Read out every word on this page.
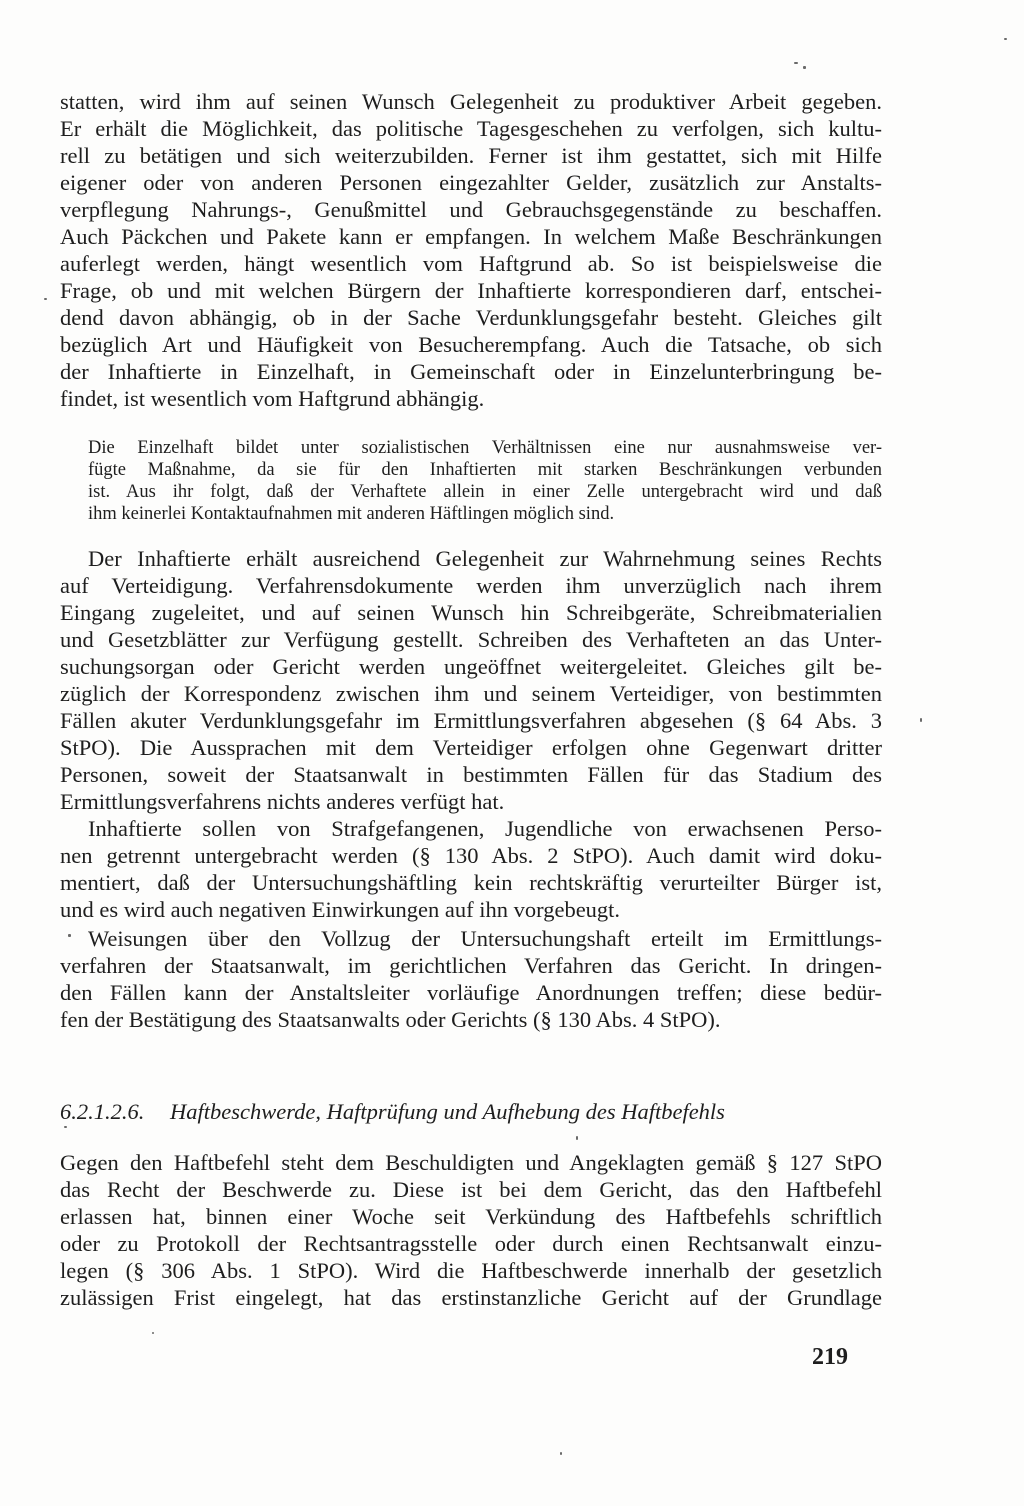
statten, wird ihm auf seinen Wunsch Gelegenheit zu produktiver Arbeit gegeben.
Er erhält die Möglichkeit, das politische Tagesgeschehen zu verfolgen, sich kultu-
rell zu betätigen und sich weiterzubilden. Ferner ist ihm gestattet, sich mit Hilfe
eigener oder von anderen Personen eingezahlter Gelder, zusätzlich zur Anstalts-
verpflegung Nahrungs-, Genußmittel und Gebrauchsgegenstände zu beschaffen.
Auch Päckchen und Pakete kann er empfangen. In welchem Maße Beschränkungen
auferlegt werden, hängt wesentlich vom Haftgrund ab. So ist beispielsweise die
Frage, ob und mit welchen Bürgern der Inhaftierte korrespondieren darf, entschei-
dend davon abhängig, ob in der Sache Verdunklungsgefahr besteht. Gleiches gilt
bezüglich Art und Häufigkeit von Besucherempfang. Auch die Tatsache, ob sich
der Inhaftierte in Einzelhaft, in Gemeinschaft oder in Einzelunterbringung be-
findet, ist wesentlich vom Haftgrund abhängig.
Die Einzelhaft bildet unter sozialistischen Verhältnissen eine nur ausnahmsweise ver-
fügte Maßnahme, da sie für den Inhaftierten mit starken Beschränkungen verbunden
ist. Aus ihr folgt, daß der Verhaftete allein in einer Zelle untergebracht wird und daß
ihm keinerlei Kontaktaufnahmen mit anderen Häftlingen möglich sind.
Der Inhaftierte erhält ausreichend Gelegenheit zur Wahrnehmung seines Rechts
auf Verteidigung. Verfahrensdokumente werden ihm unverzüglich nach ihrem
Eingang zugeleitet, und auf seinen Wunsch hin Schreibgeräte, Schreibmaterialien
und Gesetzblätter zur Verfügung gestellt. Schreiben des Verhafteten an das Unter-
suchungsorgan oder Gericht werden ungeöffnet weitergeleitet. Gleiches gilt be-
züglich der Korrespondenz zwischen ihm und seinem Verteidiger, von bestimmten
Fällen akuter Verdunklungsgefahr im Ermittlungsverfahren abgesehen (§ 64 Abs. 3
StPO). Die Aussprachen mit dem Verteidiger erfolgen ohne Gegenwart dritter
Personen, soweit der Staatsanwalt in bestimmten Fällen für das Stadium des
Ermittlungsverfahrens nichts anderes verfügt hat.
Inhaftierte sollen von Strafgefangenen, Jugendliche von erwachsenen Perso-
nen getrennt untergebracht werden (§ 130 Abs. 2 StPO). Auch damit wird doku-
mentiert, daß der Untersuchungshäftling kein rechtskräftig verurteilter Bürger ist,
und es wird auch negativen Einwirkungen auf ihn vorgebeugt.
Weisungen über den Vollzug der Untersuchungshaft erteilt im Ermittlungs-
verfahren der Staatsanwalt, im gerichtlichen Verfahren das Gericht. In dringen-
den Fällen kann der Anstaltsleiter vorläufige Anordnungen treffen; diese bedür-
fen der Bestätigung des Staatsanwalts oder Gerichts (§ 130 Abs. 4 StPO).
6.2.1.2.6. Haftbeschwerde, Haftprüfung und Aufhebung des Haftbefehls
Gegen den Haftbefehl steht dem Beschuldigten und Angeklagten gemäß § 127 StPO
das Recht der Beschwerde zu. Diese ist bei dem Gericht, das den Haftbefehl
erlassen hat, binnen einer Woche seit Verkündung des Haftbefehls schriftlich
oder zu Protokoll der Rechtsantragsstelle oder durch einen Rechtsanwalt einzu-
legen (§ 306 Abs. 1 StPO). Wird die Haftbeschwerde innerhalb der gesetzlich
zulässigen Frist eingelegt, hat das erstinstanzliche Gericht auf der Grundlage
219
